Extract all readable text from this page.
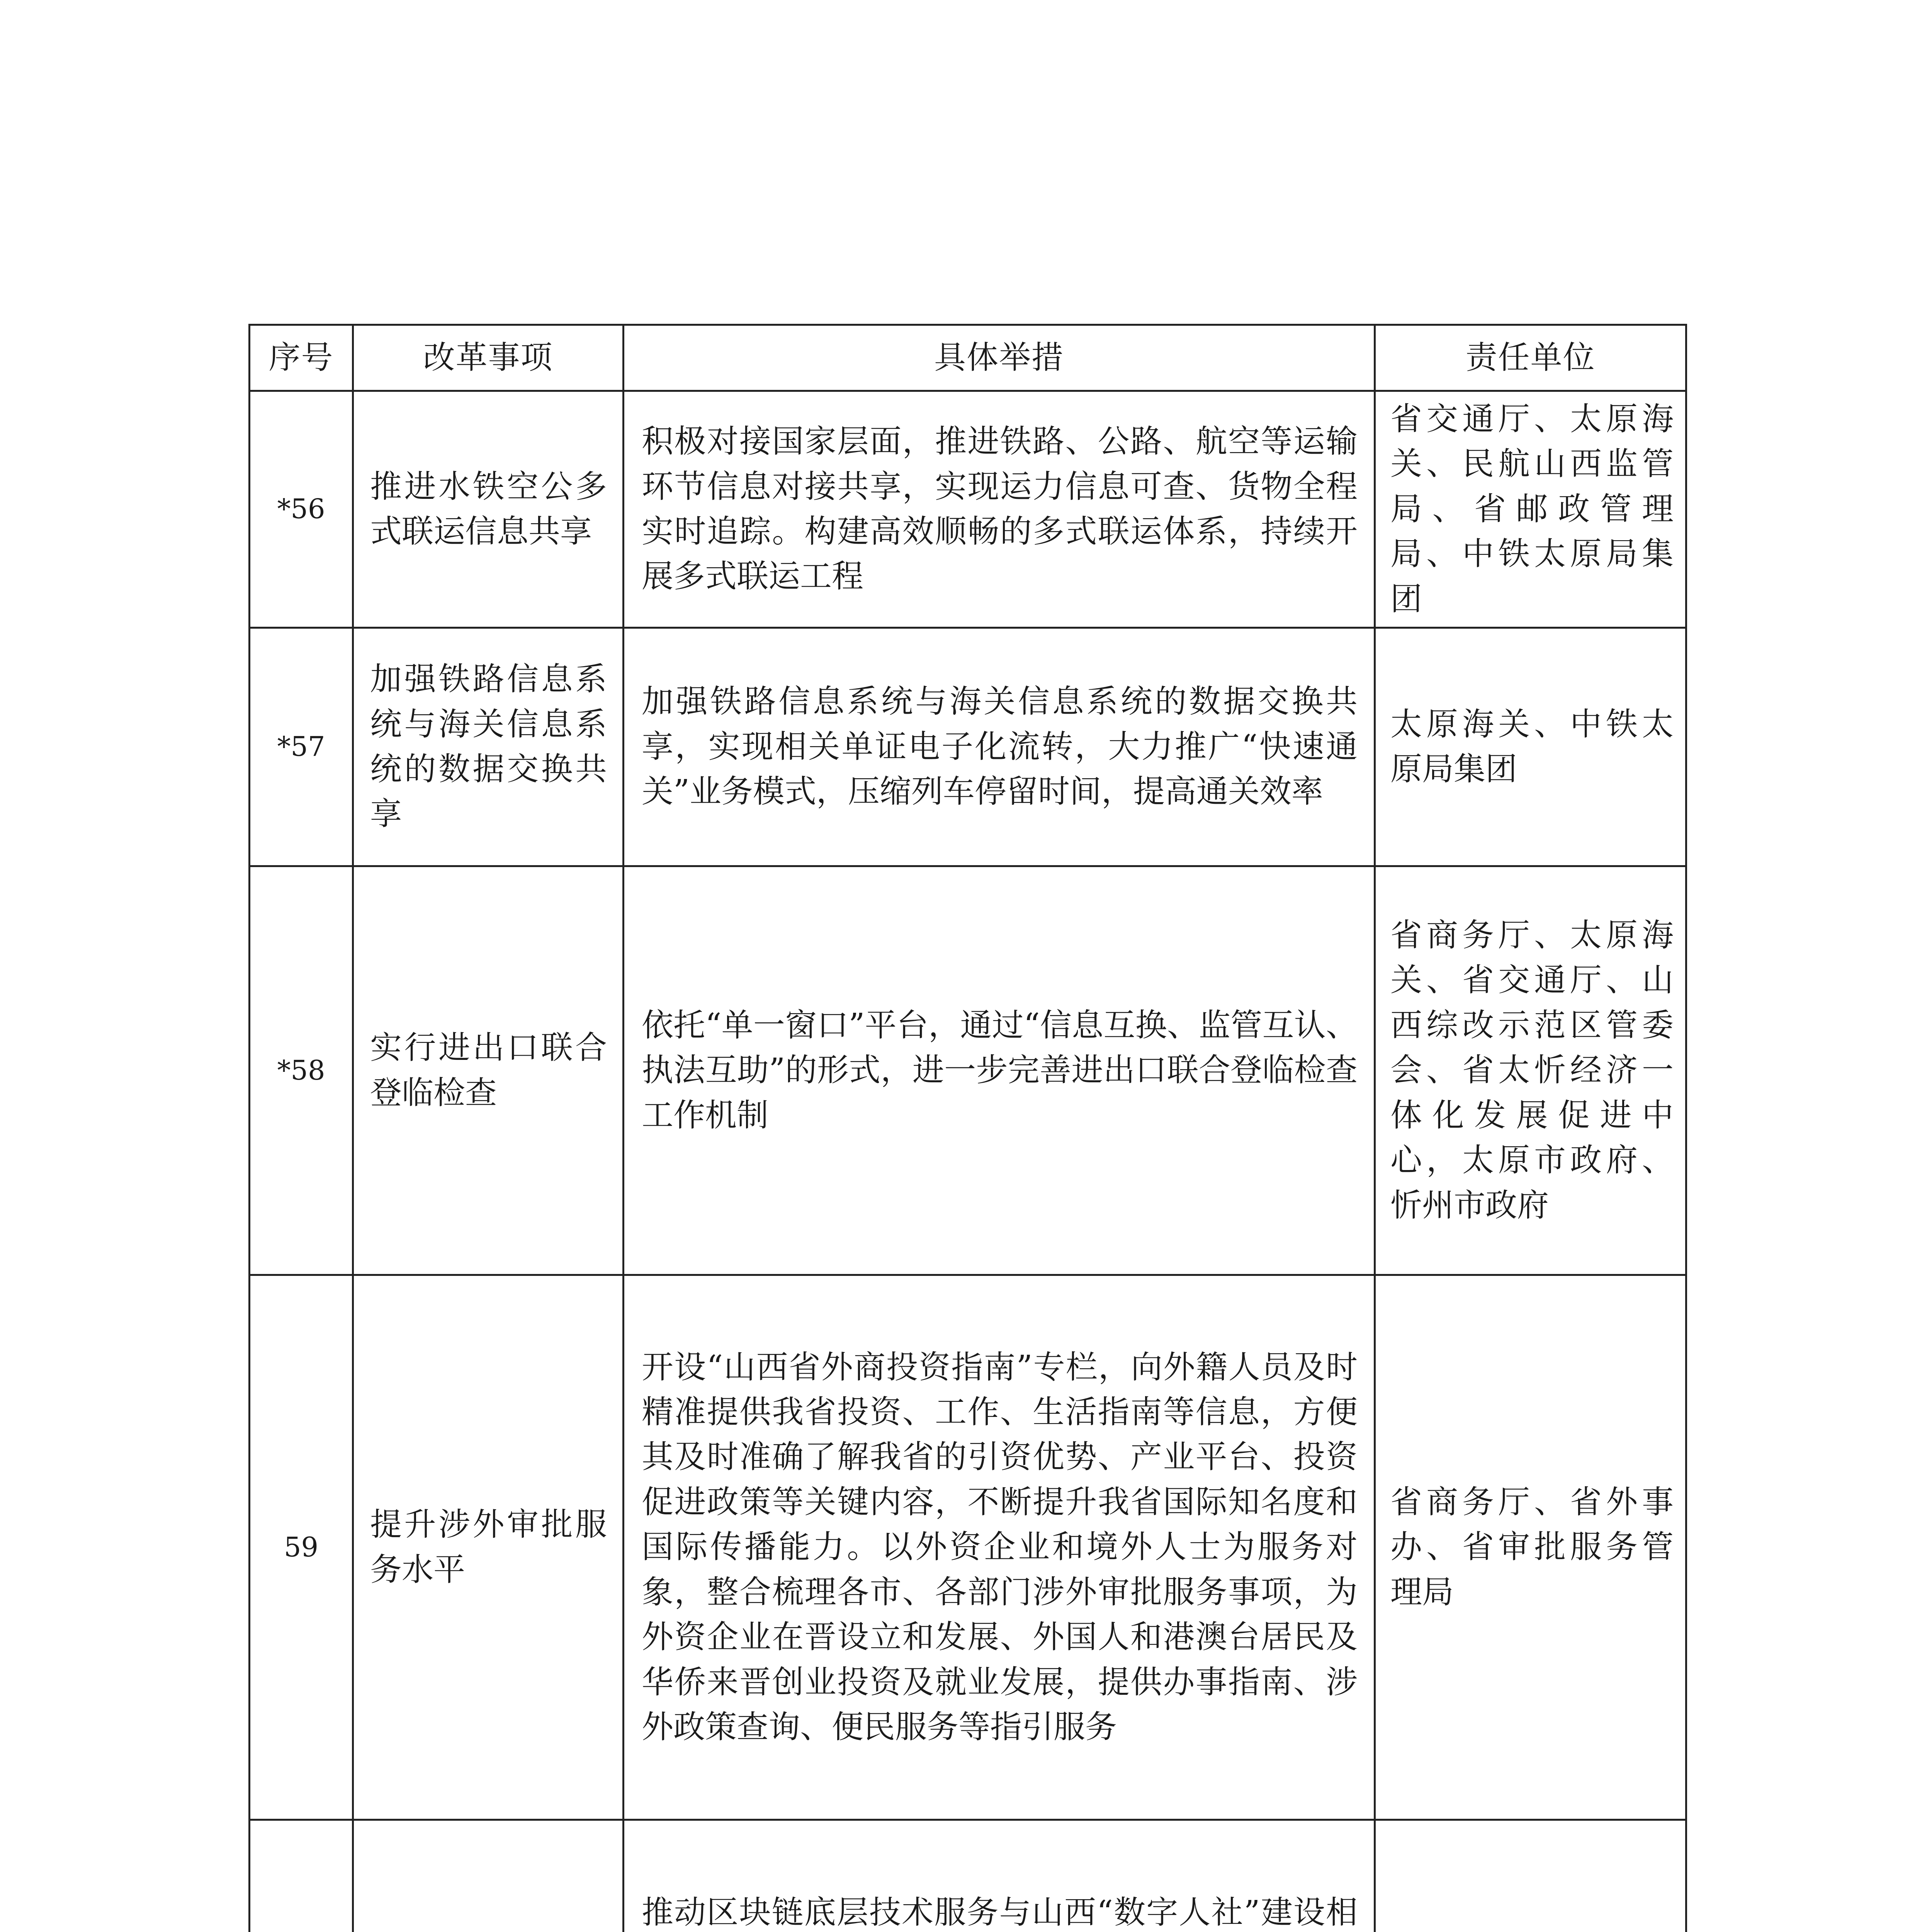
序号	改革事项	具体举措	责任单位
*56	推进水铁空公多式联运信息共享	积极对接国家层面，推进铁路、公路、航空等运输环节信息对接共享，实现运力信息可查、货物全程实时追踪。构建高效顺畅的多式联运体系，持续开展多式联运工程	省交通厅、太原海关、民航山西监管局、省邮政管理局、中铁太原局集团
*57	加强铁路信息系统与海关信息系统的数据交换共享	加强铁路信息系统与海关信息系统的数据交换共享，实现相关单证电子化流转，大力推广“快速通关”业务模式，压缩列车停留时间，提高通关效率	太原海关、中铁太原局集团
*58	实行进出口联合登临检查	依托“单一窗口”平台，通过“信息互换、监管互认、执法互助”的形式，进一步完善进出口联合登临检查工作机制	省商务厅、太原海关、省交通厅、山西综改示范区管委会、省太忻经济一体化发展促进中心，太原市政府、忻州市政府
59	提升涉外审批服务水平	开设“山西省外商投资指南”专栏，向外籍人员及时精准提供我省投资、工作、生活指南等信息，方便其及时准确了解我省的引资优势、产业平台、投资促进政策等关键内容，不断提升我省国际知名度和国际传播能力。以外资企业和境外人士为服务对象，整合梳理各市、各部门涉外审批服务事项，为外资企业在晋设立和发展、外国人和港澳台居民及华侨来晋创业投资及就业发展，提供办事指南、涉外政策查询、便民服务等指引服务	省商务厅、省外事办、省审批服务管理局
		推动区块链底层技术服务与山西“数字人社”建设相	
